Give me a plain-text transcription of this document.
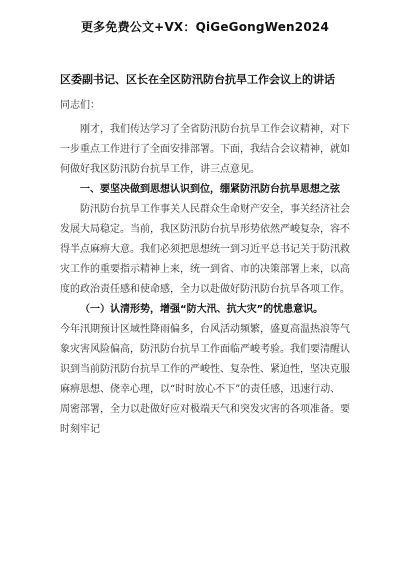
更多免费公文+VX：QiGeGongWen2024
区委副书记、区长在全区防汛防台抗旱工作会议上的讲话

同志们：

刚才，我们传达学习了全省防汛防台抗旱工作会议精神，对下一步重点工作进行了全面安排部署。下面，我结合会议精神，就如何做好我区防汛防台抗旱工作，讲三点意见。

一、要坚决做到思想认识到位，绷紧防汛防台抗旱思想之弦

防汛防台抗旱工作事关人民群众生命财产安全，事关经济社会发展大局稳定。当前，我区防汛防台抗旱形势依然严峻复杂，容不得半点麻痹大意。我们必须把思想统一到习近平总书记关于防汛救灾工作的重要指示精神上来，统一到省、市的决策部署上来，以高度的政治责任感和使命感，全力以赴做好防汛防台抗旱各项工作。

（一）认清形势，增强“防大汛、抗大灾”的忧患意识。

今年汛期预计区域性降雨偏多，台风活动频繁，盛夏高温热浪等气象灾害风险偏高，防汛防台抗旱工作面临严峻考验。我们要清醒认识到当前防汛防台抗旱工作的严峻性、复杂性、紧迫性，坚决克服麻痹思想、侥幸心理，以“时时放心不下”的责任感，迅速行动、周密部署，全力以赴做好应对极端天气和突发灾害的各项准备。要时刻牢记
